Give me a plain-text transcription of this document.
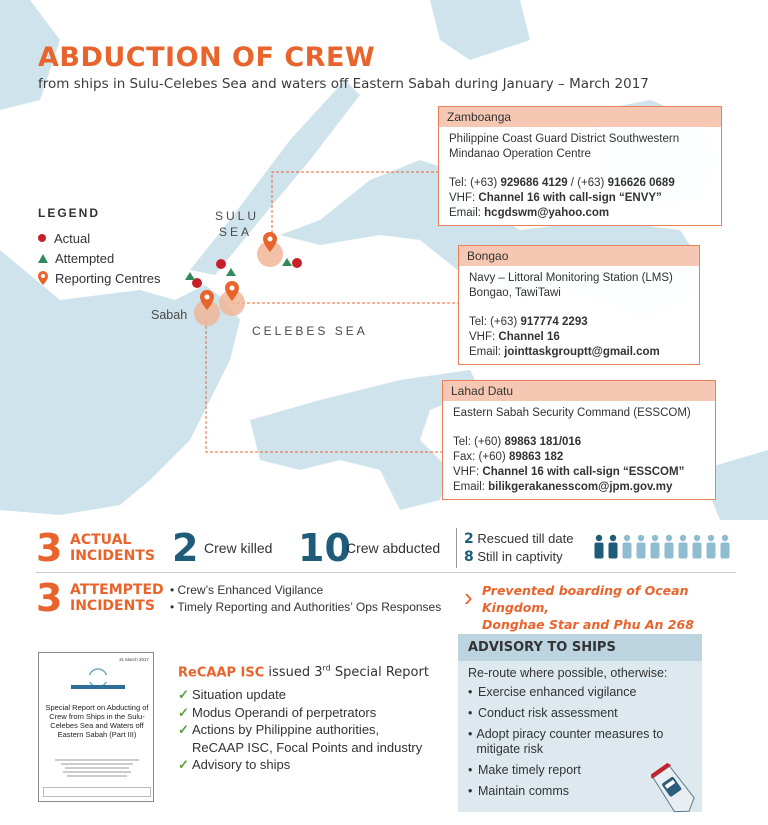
ABDUCTION OF CREW
from ships in Sulu-Celebes Sea and waters off Eastern Sabah during January – March 2017
LEGEND
Actual
Attempted
Reporting Centres
SULU
SEA
Sabah
CELEBES SEA
Zamboanga
Philippine Coast Guard District Southwestern Mindanao Operation Centre
Tel: (+63) 929686 4129 / (+63) 916626 0689
VHF: Channel 16 with call-sign “ENVY”
Email: hcgdswm@yahoo.com
Bongao
Navy – Littoral Monitoring Station (LMS)
Bongao, TawiTawi
Tel: (+63) 917774 2293
VHF: Channel 16
Email: jointtaskgrouptt@gmail.com
Lahad Datu
Eastern Sabah Security Command (ESSCOM)
Tel: (+60) 89863 181/016
Fax: (+60) 89863 182
VHF: Channel 16 with call-sign “ESSCOM”
Email: bilikgerakanesscom@jpm.gov.my
3 ACTUAL
INCIDENTS 2 Crew killed 10
Crew abducted
2 Rescued till date
8 Still in captivity
3 ATTEMPTED
INCIDENTS
• Crew’s Enhanced Vigilance
• Timely Reporting and Authorities’ Ops Responses › Prevented boarding of Ocean Kingdom,
Donghae Star and Phu An 268
31 March 2017
Special Report on Abducting of Crew from Ships in the Sulu-Celebes Sea and Waters off Eastern Sabah (Part III)
ReCAAP ISC issued 3rd Special Report
✓ Situation update
✓ Modus Operandi of perpetrators
✓ Actions by Philippine authorities,
ReCAAP ISC, Focal Points and industry
✓ Advisory to ships
ADVISORY TO SHIPS
Re-route where possible, otherwise:
• Exercise enhanced vigilance
• Conduct risk assessment
• Adopt piracy counter measures to mitigate risk
• Make timely report
• Maintain comms
